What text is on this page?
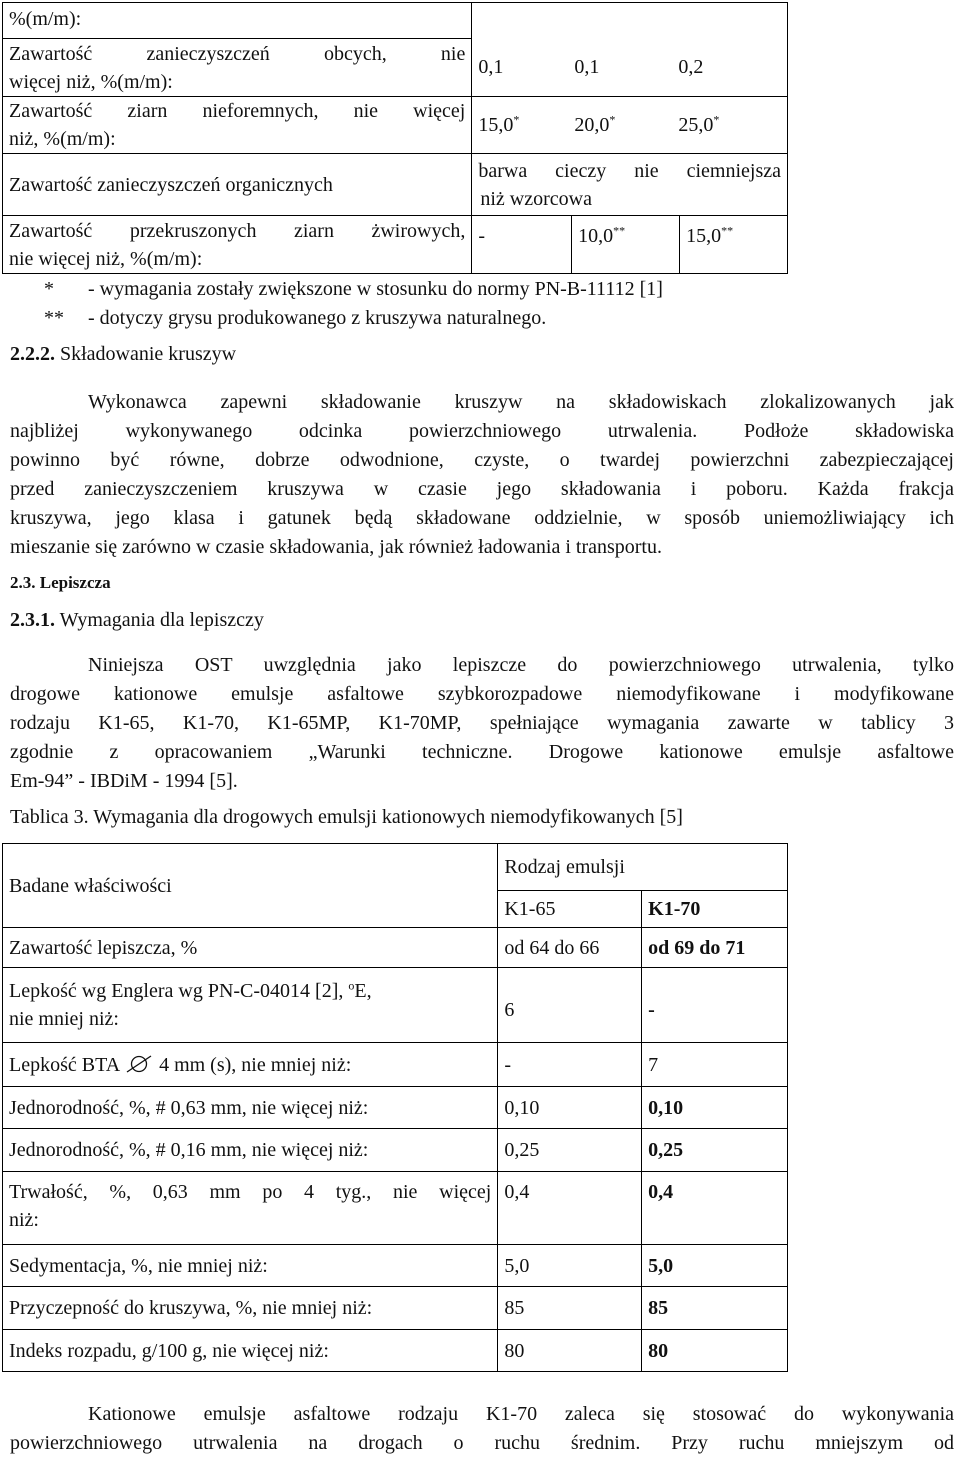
%(m/m):			

Zawartość zanieczyszczeń obcych, nie
więcej niż, %(m/m):	0,1 0,1 0,2		

Zawartość ziarn nieforemnych, nie więcej
niż, %(m/m):	15,0* 20,0* 25,0*
Zawartość zanieczyszczeń organicznych	barwa cieczy nie ciemniejsza
niż wzorcowa		

Zawartość przekruszonych ziarn żwirowych,
nie więcej niż, %(m/m):	-	10,0**	15,0**
* - wymagania zostały zwiększone w stosunku do normy PN-B-11112 [1]
** - dotyczy grysu produkowanego z kruszywa naturalnego.
2.2.2. Składowanie kruszyw
Wykonawca zapewni składowanie kruszyw na składowiskach zlokalizowanych jak
najbliżej wykonywanego odcinka powierzchniowego utrwalenia. Podłoże składowiska
powinno być równe, dobrze odwodnione, czyste, o twardej powierzchni zabezpieczającej
przed zanieczyszczeniem kruszywa w czasie jego składowania i poboru. Każda frakcja
kruszywa, jego klasa i gatunek będą składowane oddzielnie, w sposób uniemożliwiający ich
mieszanie się zarówno w czasie składowania, jak również ładowania i transportu.
2.3. Lepiszcza
2.3.1. Wymagania dla lepiszczy
Niniejsza OST uwzględnia jako lepiszcze do powierzchniowego utrwalenia, tylko
drogowe kationowe emulsje asfaltowe szybkorozpadowe niemodyfikowane i modyfikowane
rodzaju K1-65, K1-70, K1-65MP, K1-70MP, spełniające wymagania zawarte w tablicy 3
zgodnie z opracowaniem „Warunki techniczne. Drogowe kationowe emulsje asfaltowe
Em-94” - IBDiM - 1994 [5].
Tablica 3. Wymagania dla drogowych emulsji kationowych niemodyfikowanych [5]
Badane właściwości	Rodzaj emulsji	
	K1-65	K1-70
Zawartość lepiszcza, %	od 64 do 66	od 69 do 71

Lepkość wg Englera wg PN-C-04014 [2], $^o$E,
nie mniej niż:	6	-
Lepkość BTA  4 mm (s), nie mniej niż:	-	7
Jednorodność, %, # 0,63 mm, nie więcej niż:	0,10	0,10
Jednorodność, %, # 0,16 mm, nie więcej niż:	0,25	0,25

Trwałość, %, 0,63 mm po 4 tyg., nie więcej
niż:	0,4	0,4
Sedymentacja, %, nie mniej niż:	5,0	5,0
Przyczepność do kruszywa, %, nie mniej niż:	85	85
Indeks rozpadu, g/100 g, nie więcej niż:	80	80
Kationowe emulsje asfaltowe rodzaju K1-70 zaleca się stosować do wykonywania
powierzchniowego utrwalenia na drogach o ruchu średnim. Przy ruchu mniejszym od
